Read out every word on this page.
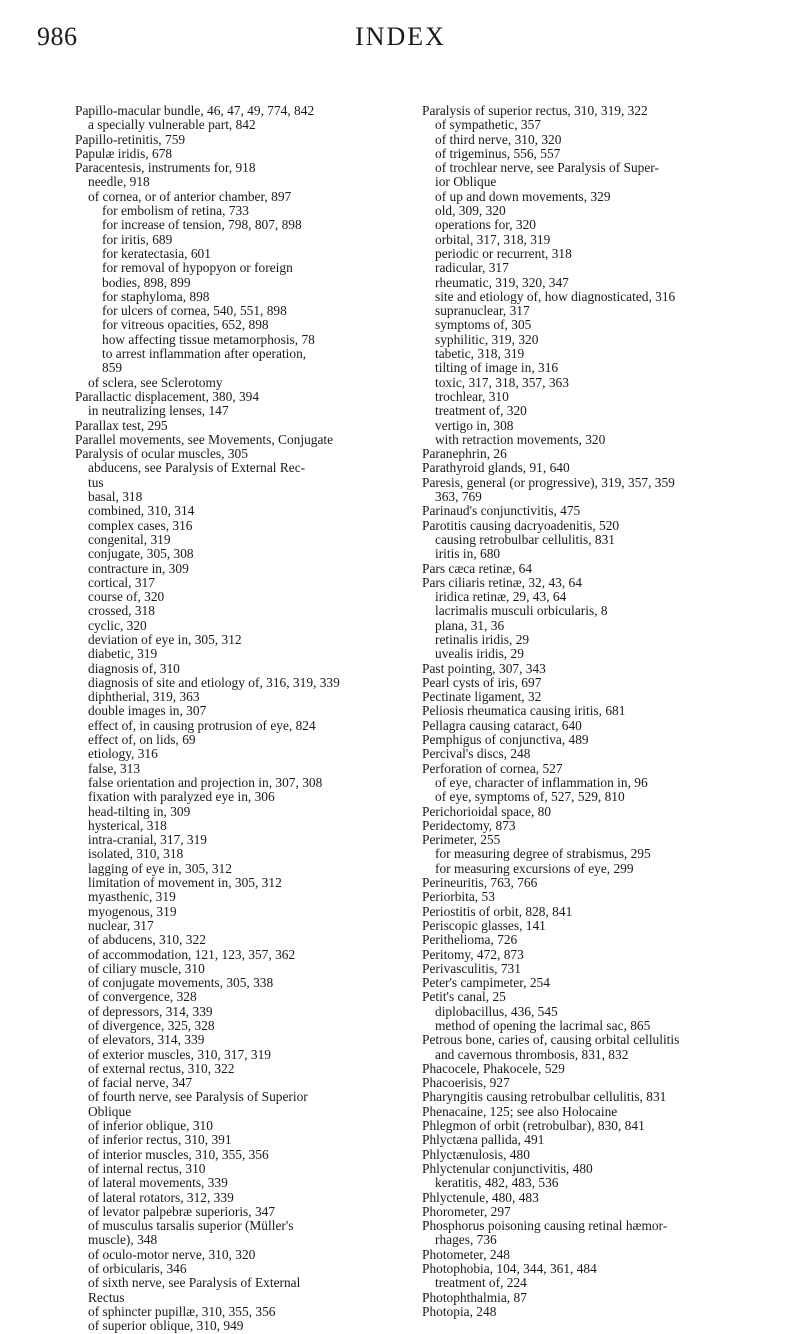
986	INDEX
Papillo-macular bundle, 46, 47, 49, 774, 842
a specially vulnerable part, 842
Papillo-retinitis, 759
Papulæ iridis, 678
Paracentesis, instruments for, 918
needle, 918
of cornea, or of anterior chamber, 897
for embolism of retina, 733
for increase of tension, 798, 807, 898
for iritis, 689
for keratectasia, 601
for removal of hypopyon or foreign
bodies, 898, 899
for staphyloma, 898
for ulcers of cornea, 540, 551, 898
for vitreous opacities, 652, 898
how affecting tissue metamorphosis, 78
to arrest inflammation after operation,
859
of sclera, see Sclerotomy
Parallactic displacement, 380, 394
in neutralizing lenses, 147
Parallax test, 295
Parallel movements, see Movements, Conjugate
Paralysis of ocular muscles, 305
abducens, see Paralysis of External Rec-
tus
basal, 318
combined, 310, 314
complex cases, 316
congenital, 319
conjugate, 305, 308
contracture in, 309
cortical, 317
course of, 320
crossed, 318
cyclic, 320
deviation of eye in, 305, 312
diabetic, 319
diagnosis of, 310
diagnosis of site and etiology of, 316, 319, 339
diphtherial, 319, 363
double images in, 307
effect of, in causing protrusion of eye, 824
effect of, on lids, 69
etiology, 316
false, 313
false orientation and projection in, 307, 308
fixation with paralyzed eye in, 306
head-tilting in, 309
hysterical, 318
intra-cranial, 317, 319
isolated, 310, 318
lagging of eye in, 305, 312
limitation of movement in, 305, 312
myasthenic, 319
myogenous, 319
nuclear, 317
of abducens, 310, 322
of accommodation, 121, 123, 357, 362
of ciliary muscle, 310
of conjugate movements, 305, 338
of convergence, 328
of depressors, 314, 339
of divergence, 325, 328
of elevators, 314, 339
of exterior muscles, 310, 317, 319
of external rectus, 310, 322
of facial nerve, 347
of fourth nerve, see Paralysis of Superior
Oblique
of inferior oblique, 310
of inferior rectus, 310, 391
of interior muscles, 310, 355, 356
of internal rectus, 310
of lateral movements, 339
of lateral rotators, 312, 339
of levator palpebræ superioris, 347
of musculus tarsalis superior (Müller's
muscle), 348
of oculo-motor nerve, 310, 320
of orbicularis, 346
of sixth nerve, see Paralysis of External
Rectus
of sphincter pupillæ, 310, 355, 356
of superior oblique, 310, 949
Paralysis of superior rectus, 310, 319, 322
of sympathetic, 357
of third nerve, 310, 320
of trigeminus, 556, 557
of trochlear nerve, see Paralysis of Super-
ior Oblique
of up and down movements, 329
old, 309, 320
operations for, 320
orbital, 317, 318, 319
periodic or recurrent, 318
radicular, 317
rheumatic, 319, 320, 347
site and etiology of, how diagnosticated, 316
supranuclear, 317
symptoms of, 305
syphilitic, 319, 320
tabetic, 318, 319
tilting of image in, 316
toxic, 317, 318, 357, 363
trochlear, 310
treatment of, 320
vertigo in, 308
with retraction movements, 320
Paranephrin, 26
Parathyroid glands, 91, 640
Paresis, general (or progressive), 319, 357, 359
363, 769
Parinaud's conjunctivitis, 475
Parotitis causing dacryoadenitis, 520
causing retrobulbar cellulitis, 831
iritis in, 680
Pars cæca retinæ, 64
Pars ciliaris retinæ, 32, 43, 64
iridica retinæ, 29, 43, 64
lacrimalis musculi orbicularis, 8
plana, 31, 36
retinalis iridis, 29
uvealis iridis, 29
Past pointing, 307, 343
Pearl cysts of iris, 697
Pectinate ligament, 32
Peliosis rheumatica causing iritis, 681
Pellagra causing cataract, 640
Pemphigus of conjunctiva, 489
Percival's discs, 248
Perforation of cornea, 527
of eye, character of inflammation in, 96
of eye, symptoms of, 527, 529, 810
Perichorioidal space, 80
Peridectomy, 873
Perimeter, 255
for measuring degree of strabismus, 295
for measuring excursions of eye, 299
Perineuritis, 763, 766
Periorbita, 53
Periostitis of orbit, 828, 841
Periscopic glasses, 141
Perithelioma, 726
Peritomy, 472, 873
Perivasculitis, 731
Peter's campimeter, 254
Petit's canal, 25
diplobacillus, 436, 545
method of opening the lacrimal sac, 865
Petrous bone, caries of, causing orbital cellulitis
and cavernous thrombosis, 831, 832
Phacocele, Phakocele, 529
Phacoerisis, 927
Pharyngitis causing retrobulbar cellulitis, 831
Phenacaine, 125; see also Holocaine
Phlegmon of orbit (retrobulbar), 830, 841
Phlyctæna pallida, 491
Phlyctænulosis, 480
Phlyctenular conjunctivitis, 480
keratitis, 482, 483, 536
Phlyctenule, 480, 483
Phorometer, 297
Phosphorus poisoning causing retinal hæmor-
rhages, 736
Photometer, 248
Photophobia, 104, 344, 361, 484
treatment of, 224
Photophthalmia, 87
Photopia, 248
